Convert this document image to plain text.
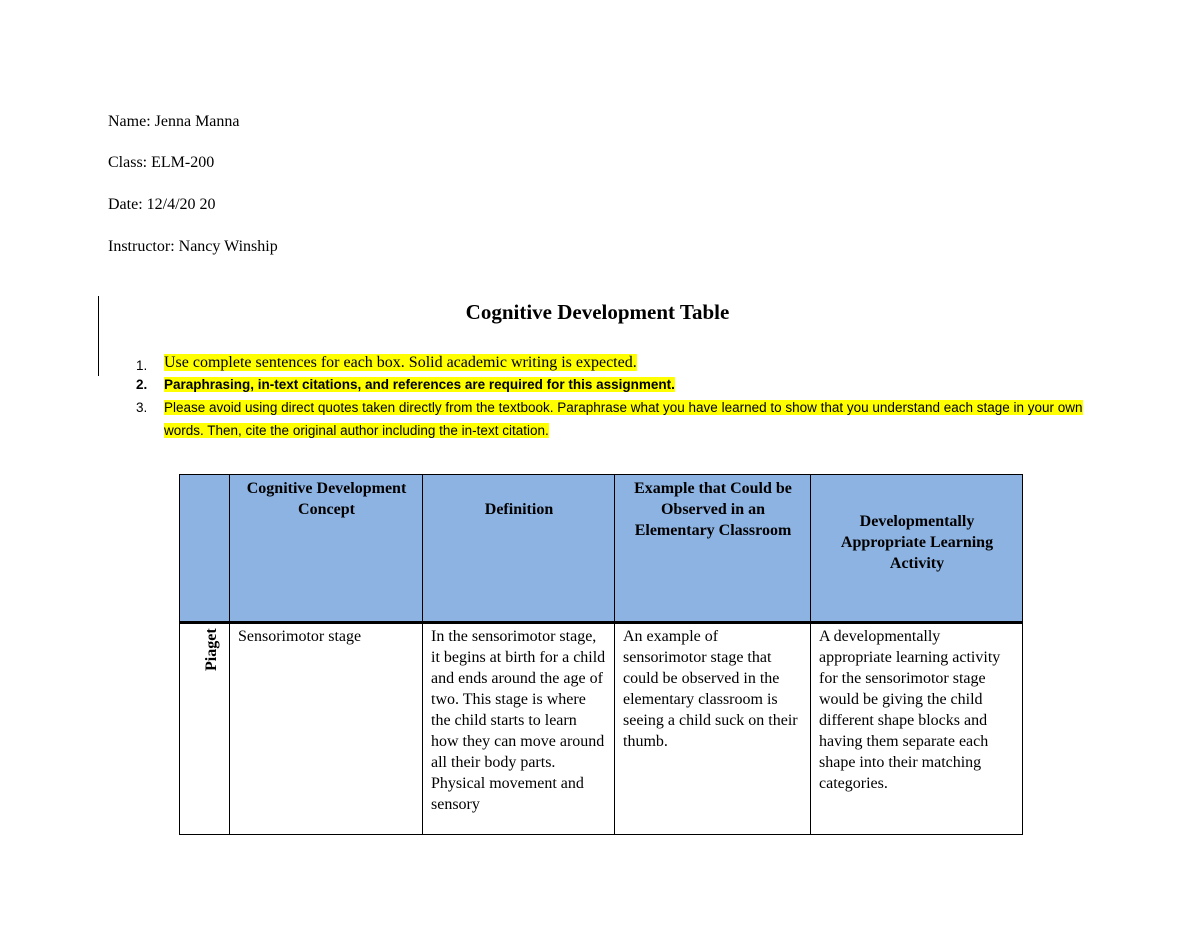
Name: Jenna Manna
Class: ELM-200
Date: 12/4/20 20
Instructor: Nancy Winship
Cognitive Development Table
1. Use complete sentences for each box. Solid academic writing is expected.
2. Paraphrasing, in-text citations, and references are required for this assignment.
3. Please avoid using direct quotes taken directly from the textbook. Paraphrase what you have learned to show that you understand each stage in your own words. Then, cite the original author including the in-text citation.
	Cognitive Development Concept	Definition	Example that Could be Observed in an Elementary Classroom	Developmentally Appropriate Learning Activity

Piaget	Sensorimotor stage	In the sensorimotor stage, it begins at birth for a child and ends around the age of two. This stage is where the child starts to learn how they can move around all their body parts. Physical movement and sensory	An example of sensorimotor stage that could be observed in the elementary classroom is seeing a child suck on their thumb.	A developmentally appropriate learning activity for the sensorimotor stage would be giving the child different shape blocks and having them separate each shape into their matching categories.
